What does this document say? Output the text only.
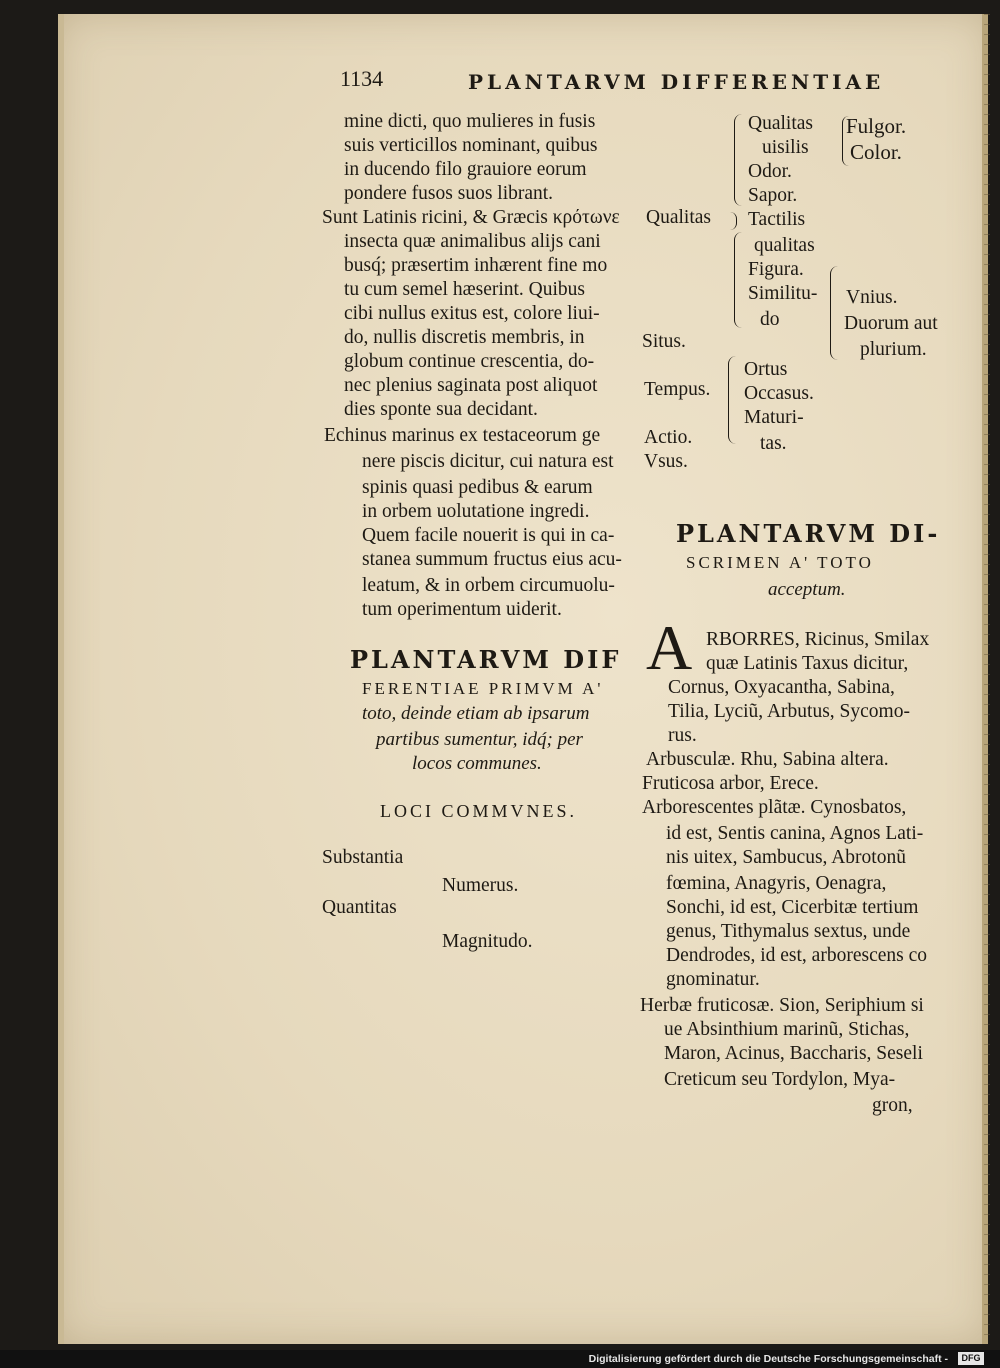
1134	PLANTARVM DIFFERENTIAE
mine dicti, quo mulieres in fusis
suis verticillos nominant, quibus
in ducendo filo grauiore eorum
pondere fusos suos librant.
Sunt Latinis ricini, & Græcis κρότωνε
insecta quæ animalibus alijs cani
busq́; præsertim inhærent fine mo
tu cum semel hæserint. Quibus
cibi nullus exitus est, colore liui-
do, nullis discretis membris, in
globum continue crescentia, do-
nec plenius saginata post aliquot
dies sponte sua decidant.
Echinus marinus ex testaceorum ge
nere piscis dicitur, cui natura est
spinis quasi pedibus & earum
in orbem uolutatione ingredi.
Quem facile nouerit is qui in ca-
stanea summum fructus eius acu-
leatum, & in orbem circumuolu-
tum operimentum uiderit.
Qualitas
Qualitas
uisilis
Odor.
Sapor.
Tactilis
qualitas
Figura.
Similitu-
do
Fulgor.
Color.
Vnius.
Duorum aut
plurium.
Situs.
Tempus.
Ortus
Occasus.
Maturi-
tas.
Actio.
Vsus.
PLANTARVM DIF
FERENTIAE PRIMVM A'
toto, deinde etiam ab ipsarum
partibus sumentur, idq́; per
locos communes.
LOCI COMMVNES.
Substantia
Numerus.
Quantitas
Magnitudo.
PLANTARVM DI-
SCRIMEN A' TOTO
acceptum.
A RBORRES, Ricinus, Smilax
quæ Latinis Taxus dicitur,
Cornus, Oxyacantha, Sabina,
Tilia, Lyciũ, Arbutus, Sycomo-
rus.
Arbusculæ. Rhu, Sabina altera.
Fruticosa arbor, Erece.
Arborescentes plãtæ. Cynosbatos,
id est, Sentis canina, Agnos Lati-
nis uitex, Sambucus, Abrotonũ
fœmina, Anagyris, Oenagra,
Sonchi, id est, Cicerbitæ tertium
genus, Tithymalus sextus, unde
Dendrodes, id est, arborescens co
gnominatur.
Herbæ fruticosæ. Sion, Seriphium si
ue Absinthium marinũ, Stichas,
Maron, Acinus, Baccharis, Seseli
Creticum seu Tordylon, Mya-
gron,
Digitalisierung gefördert durch die Deutsche Forschungsgemeinschaft -	DFG
